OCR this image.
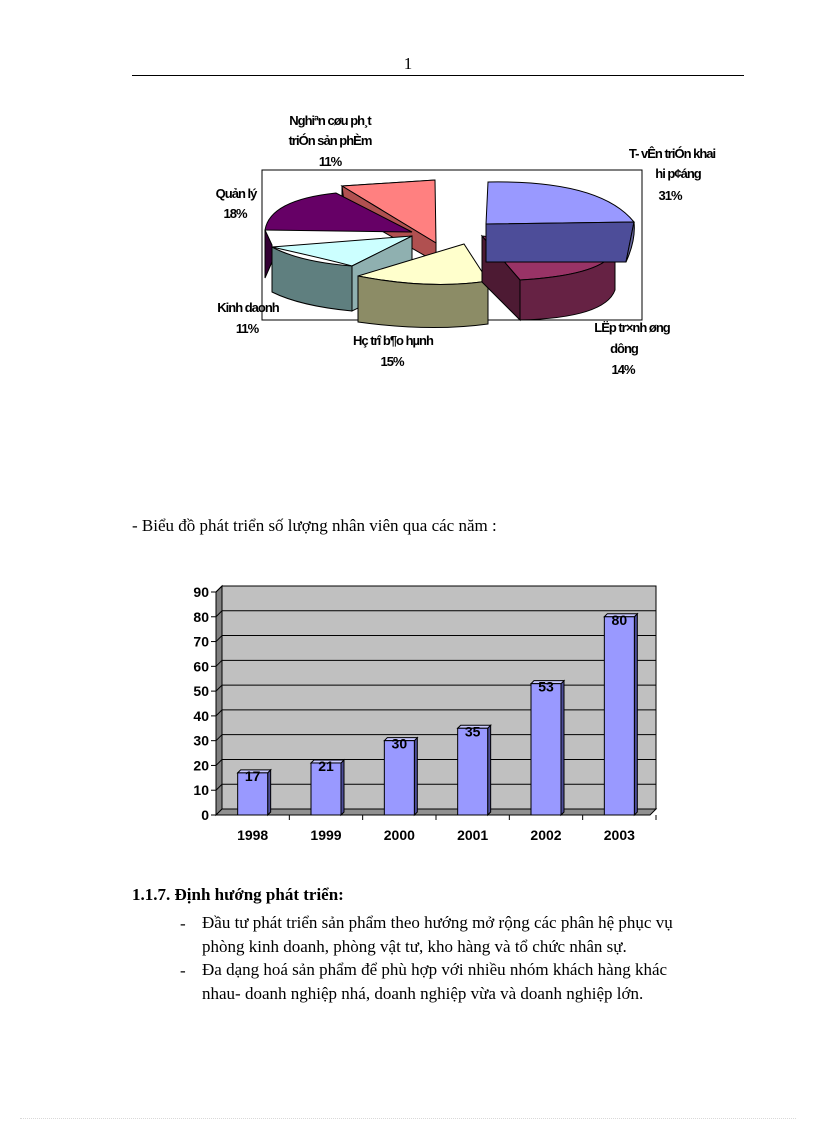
1
Nghiªn cøu ph¸t
triÓn sản phÈm
11%
T- vÊn triÓn khai
hi p¢áng
31%
Quản lý
18%
Kinh daonh
11%
Hç trî b¶o hµnh
15%
LËp tr×nh øng
dông
14%
- Biểu đồ phát triển số lượng nhân viên qua các năm :
0
10
20
30
40
50
60
70
80
90
17
1998
21
1999
30
2000
35
2001
53
2002
80
2003
1.1.7. Định hướng phát triển:
- Đầu tư phát triển sản phẩm theo hướng mở rộng các phân hệ phục vụ
phòng kinh doanh, phòng vật tư, kho hàng và tổ chức nhân sự.
- Đa dạng hoá sản phẩm để phù hợp với nhiều nhóm khách hàng khác
nhau- doanh nghiệp nhá, doanh nghiệp vừa và doanh nghiệp lớn.
